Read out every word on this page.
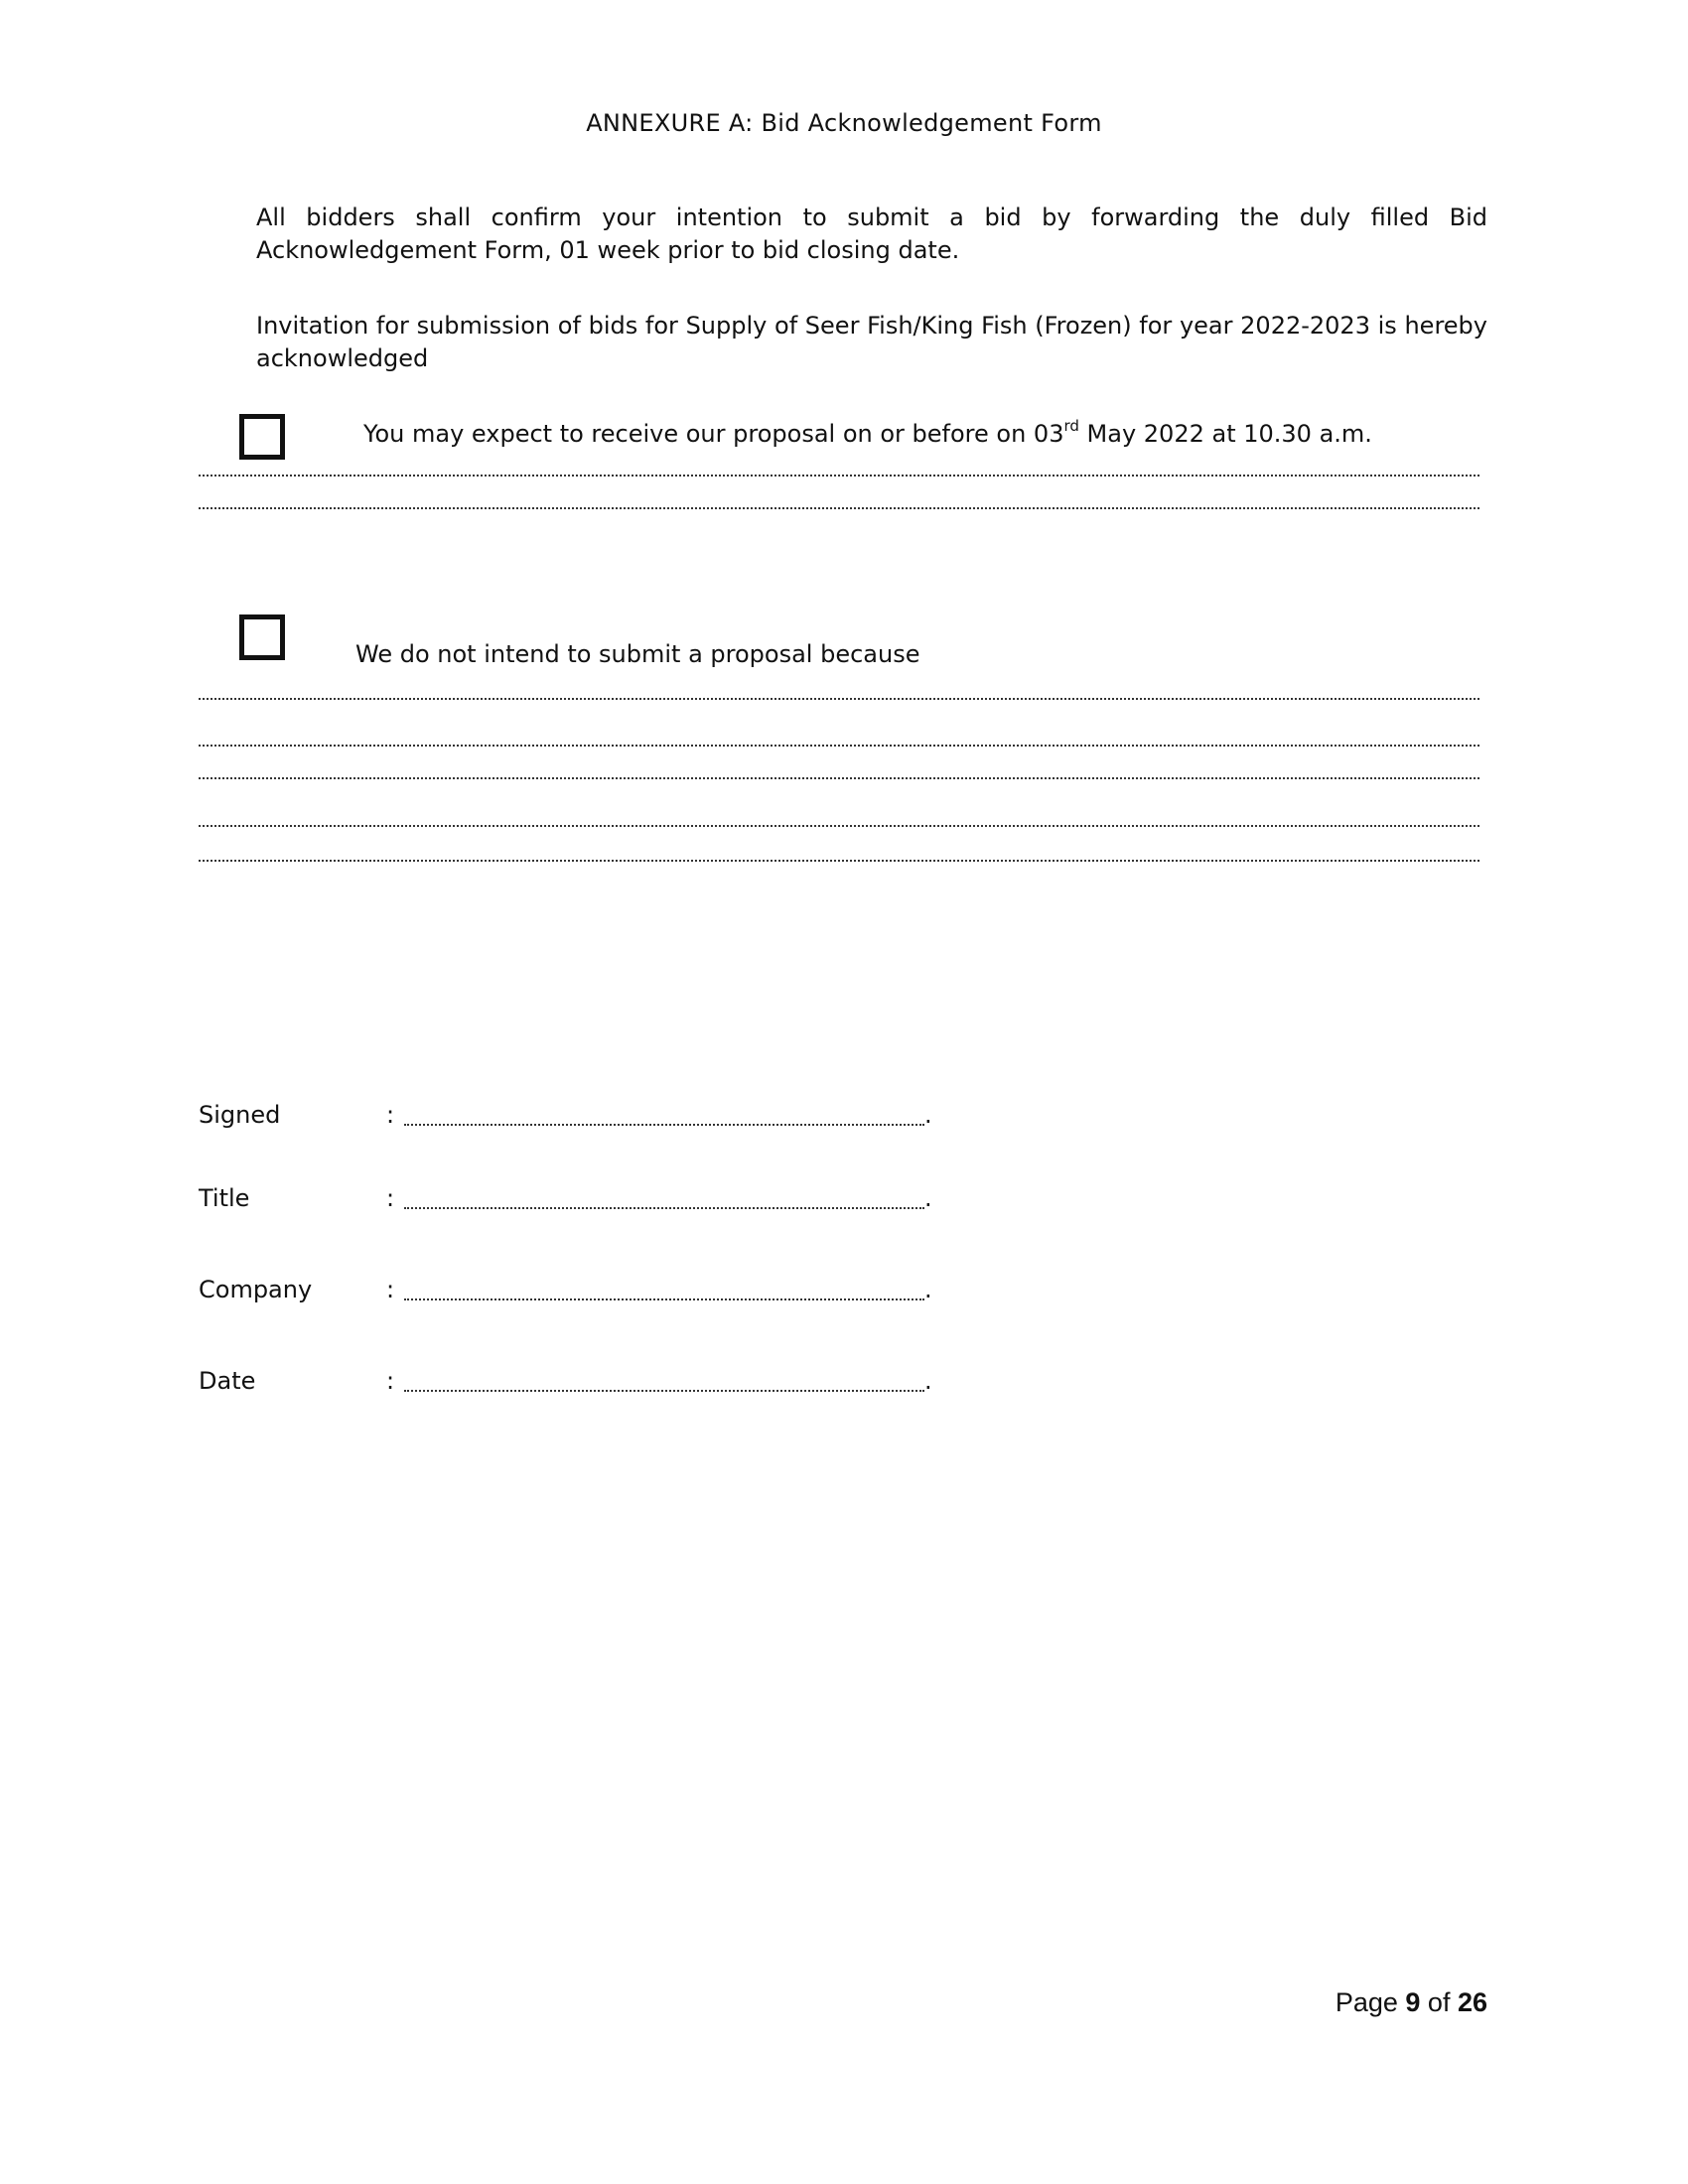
ANNEXURE A: Bid Acknowledgement Form
All bidders shall confirm your intention to submit a bid by forwarding the duly filled Bid Acknowledgement Form, 01 week prior to bid closing date.
Invitation for submission of bids for Supply of Seer Fish/King Fish (Frozen) for year 2022-2023 is hereby acknowledged
You may expect to receive our proposal on or before on 03rd May 2022 at 10.30 a.m.
We do not intend to submit a proposal because
Signed	:	.
Title	:	.
Company	:	.
Date	:	.
Page 9 of 26
